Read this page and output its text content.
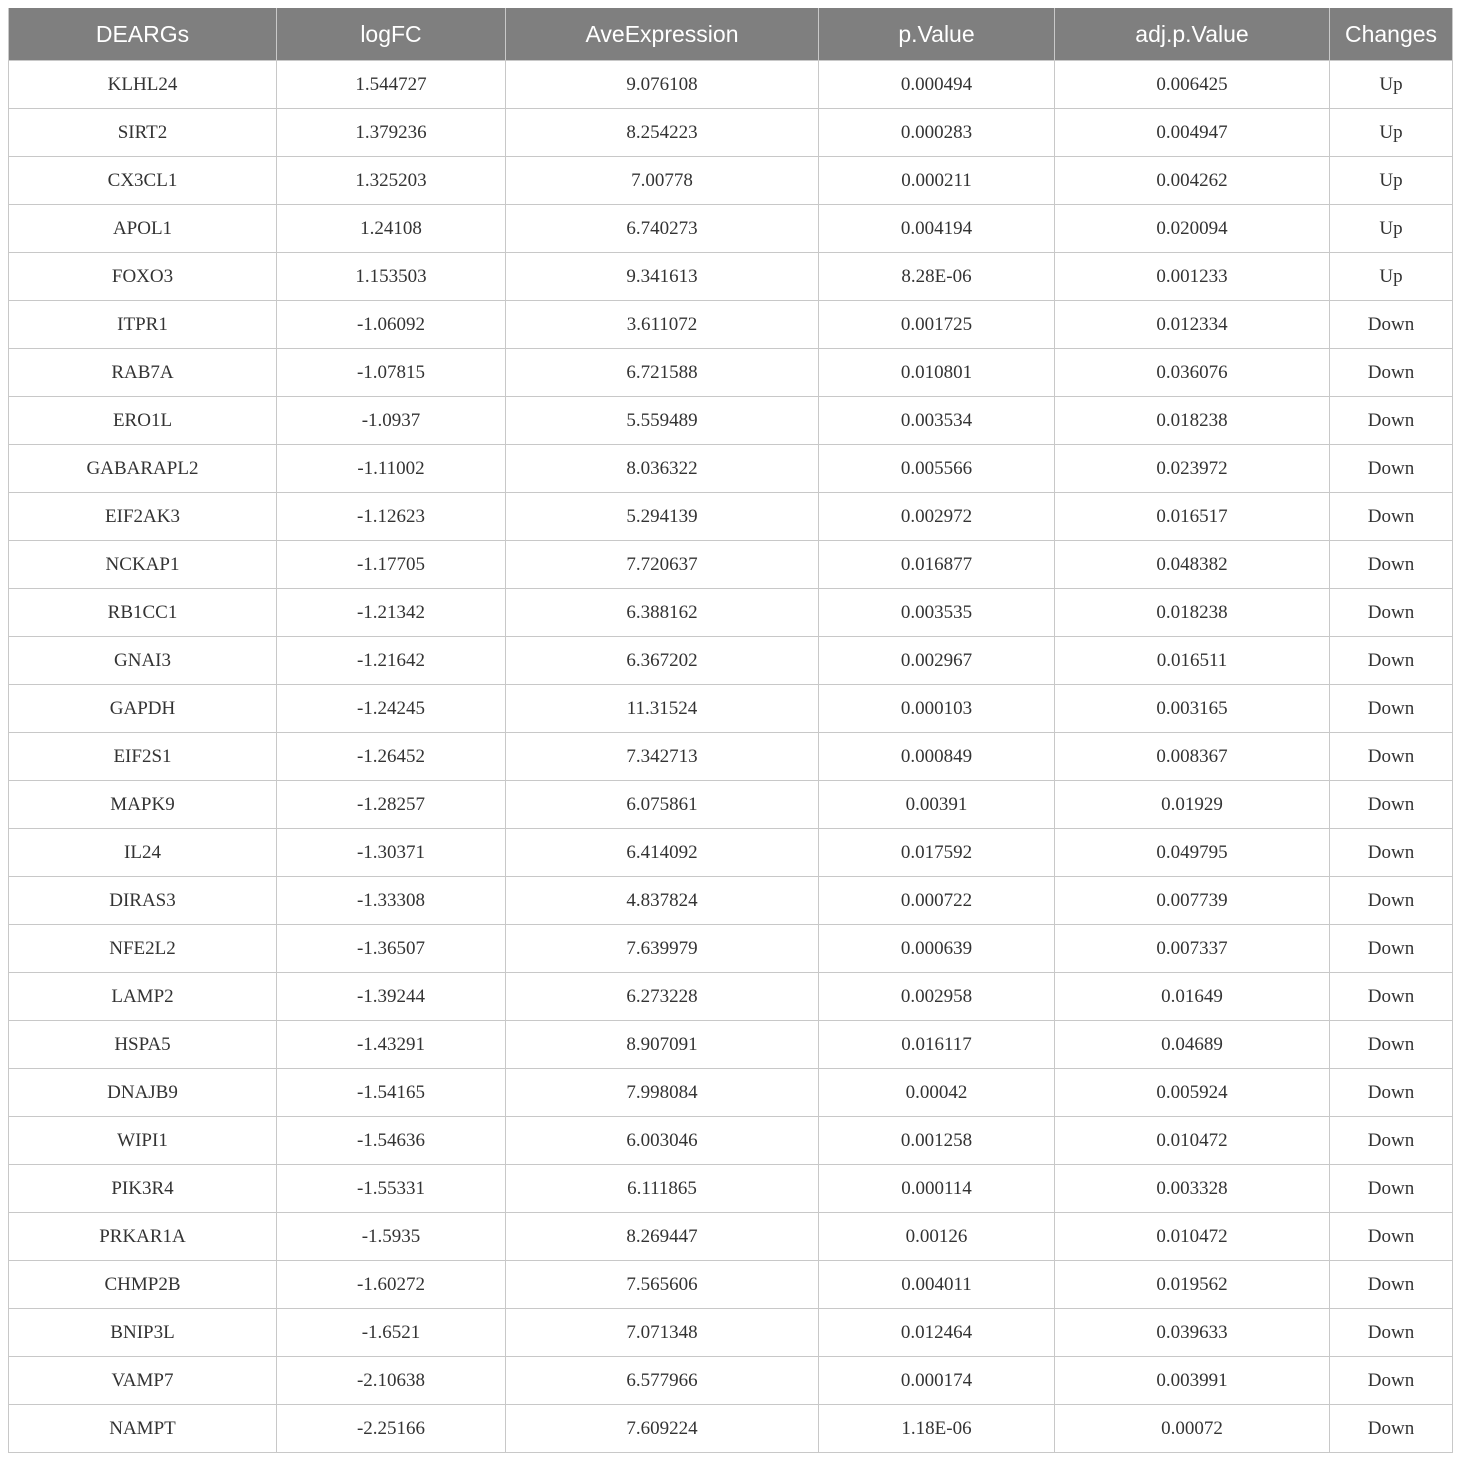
DEARGs	logFC	AveExpression	p.Value	adj.p.Value	Changes
KLHL24	1.544727	9.076108	0.000494	0.006425	Up
SIRT2	1.379236	8.254223	0.000283	0.004947	Up
CX3CL1	1.325203	7.00778	0.000211	0.004262	Up
APOL1	1.24108	6.740273	0.004194	0.020094	Up
FOXO3	1.153503	9.341613	8.28E-06	0.001233	Up
ITPR1	-1.06092	3.611072	0.001725	0.012334	Down
RAB7A	-1.07815	6.721588	0.010801	0.036076	Down
ERO1L	-1.0937	5.559489	0.003534	0.018238	Down
GABARAPL2	-1.11002	8.036322	0.005566	0.023972	Down
EIF2AK3	-1.12623	5.294139	0.002972	0.016517	Down
NCKAP1	-1.17705	7.720637	0.016877	0.048382	Down
RB1CC1	-1.21342	6.388162	0.003535	0.018238	Down
GNAI3	-1.21642	6.367202	0.002967	0.016511	Down
GAPDH	-1.24245	11.31524	0.000103	0.003165	Down
EIF2S1	-1.26452	7.342713	0.000849	0.008367	Down
MAPK9	-1.28257	6.075861	0.00391	0.01929	Down
IL24	-1.30371	6.414092	0.017592	0.049795	Down
DIRAS3	-1.33308	4.837824	0.000722	0.007739	Down
NFE2L2	-1.36507	7.639979	0.000639	0.007337	Down
LAMP2	-1.39244	6.273228	0.002958	0.01649	Down
HSPA5	-1.43291	8.907091	0.016117	0.04689	Down
DNAJB9	-1.54165	7.998084	0.00042	0.005924	Down
WIPI1	-1.54636	6.003046	0.001258	0.010472	Down
PIK3R4	-1.55331	6.111865	0.000114	0.003328	Down
PRKAR1A	-1.5935	8.269447	0.00126	0.010472	Down
CHMP2B	-1.60272	7.565606	0.004011	0.019562	Down
BNIP3L	-1.6521	7.071348	0.012464	0.039633	Down
VAMP7	-2.10638	6.577966	0.000174	0.003991	Down
NAMPT	-2.25166	7.609224	1.18E-06	0.00072	Down
